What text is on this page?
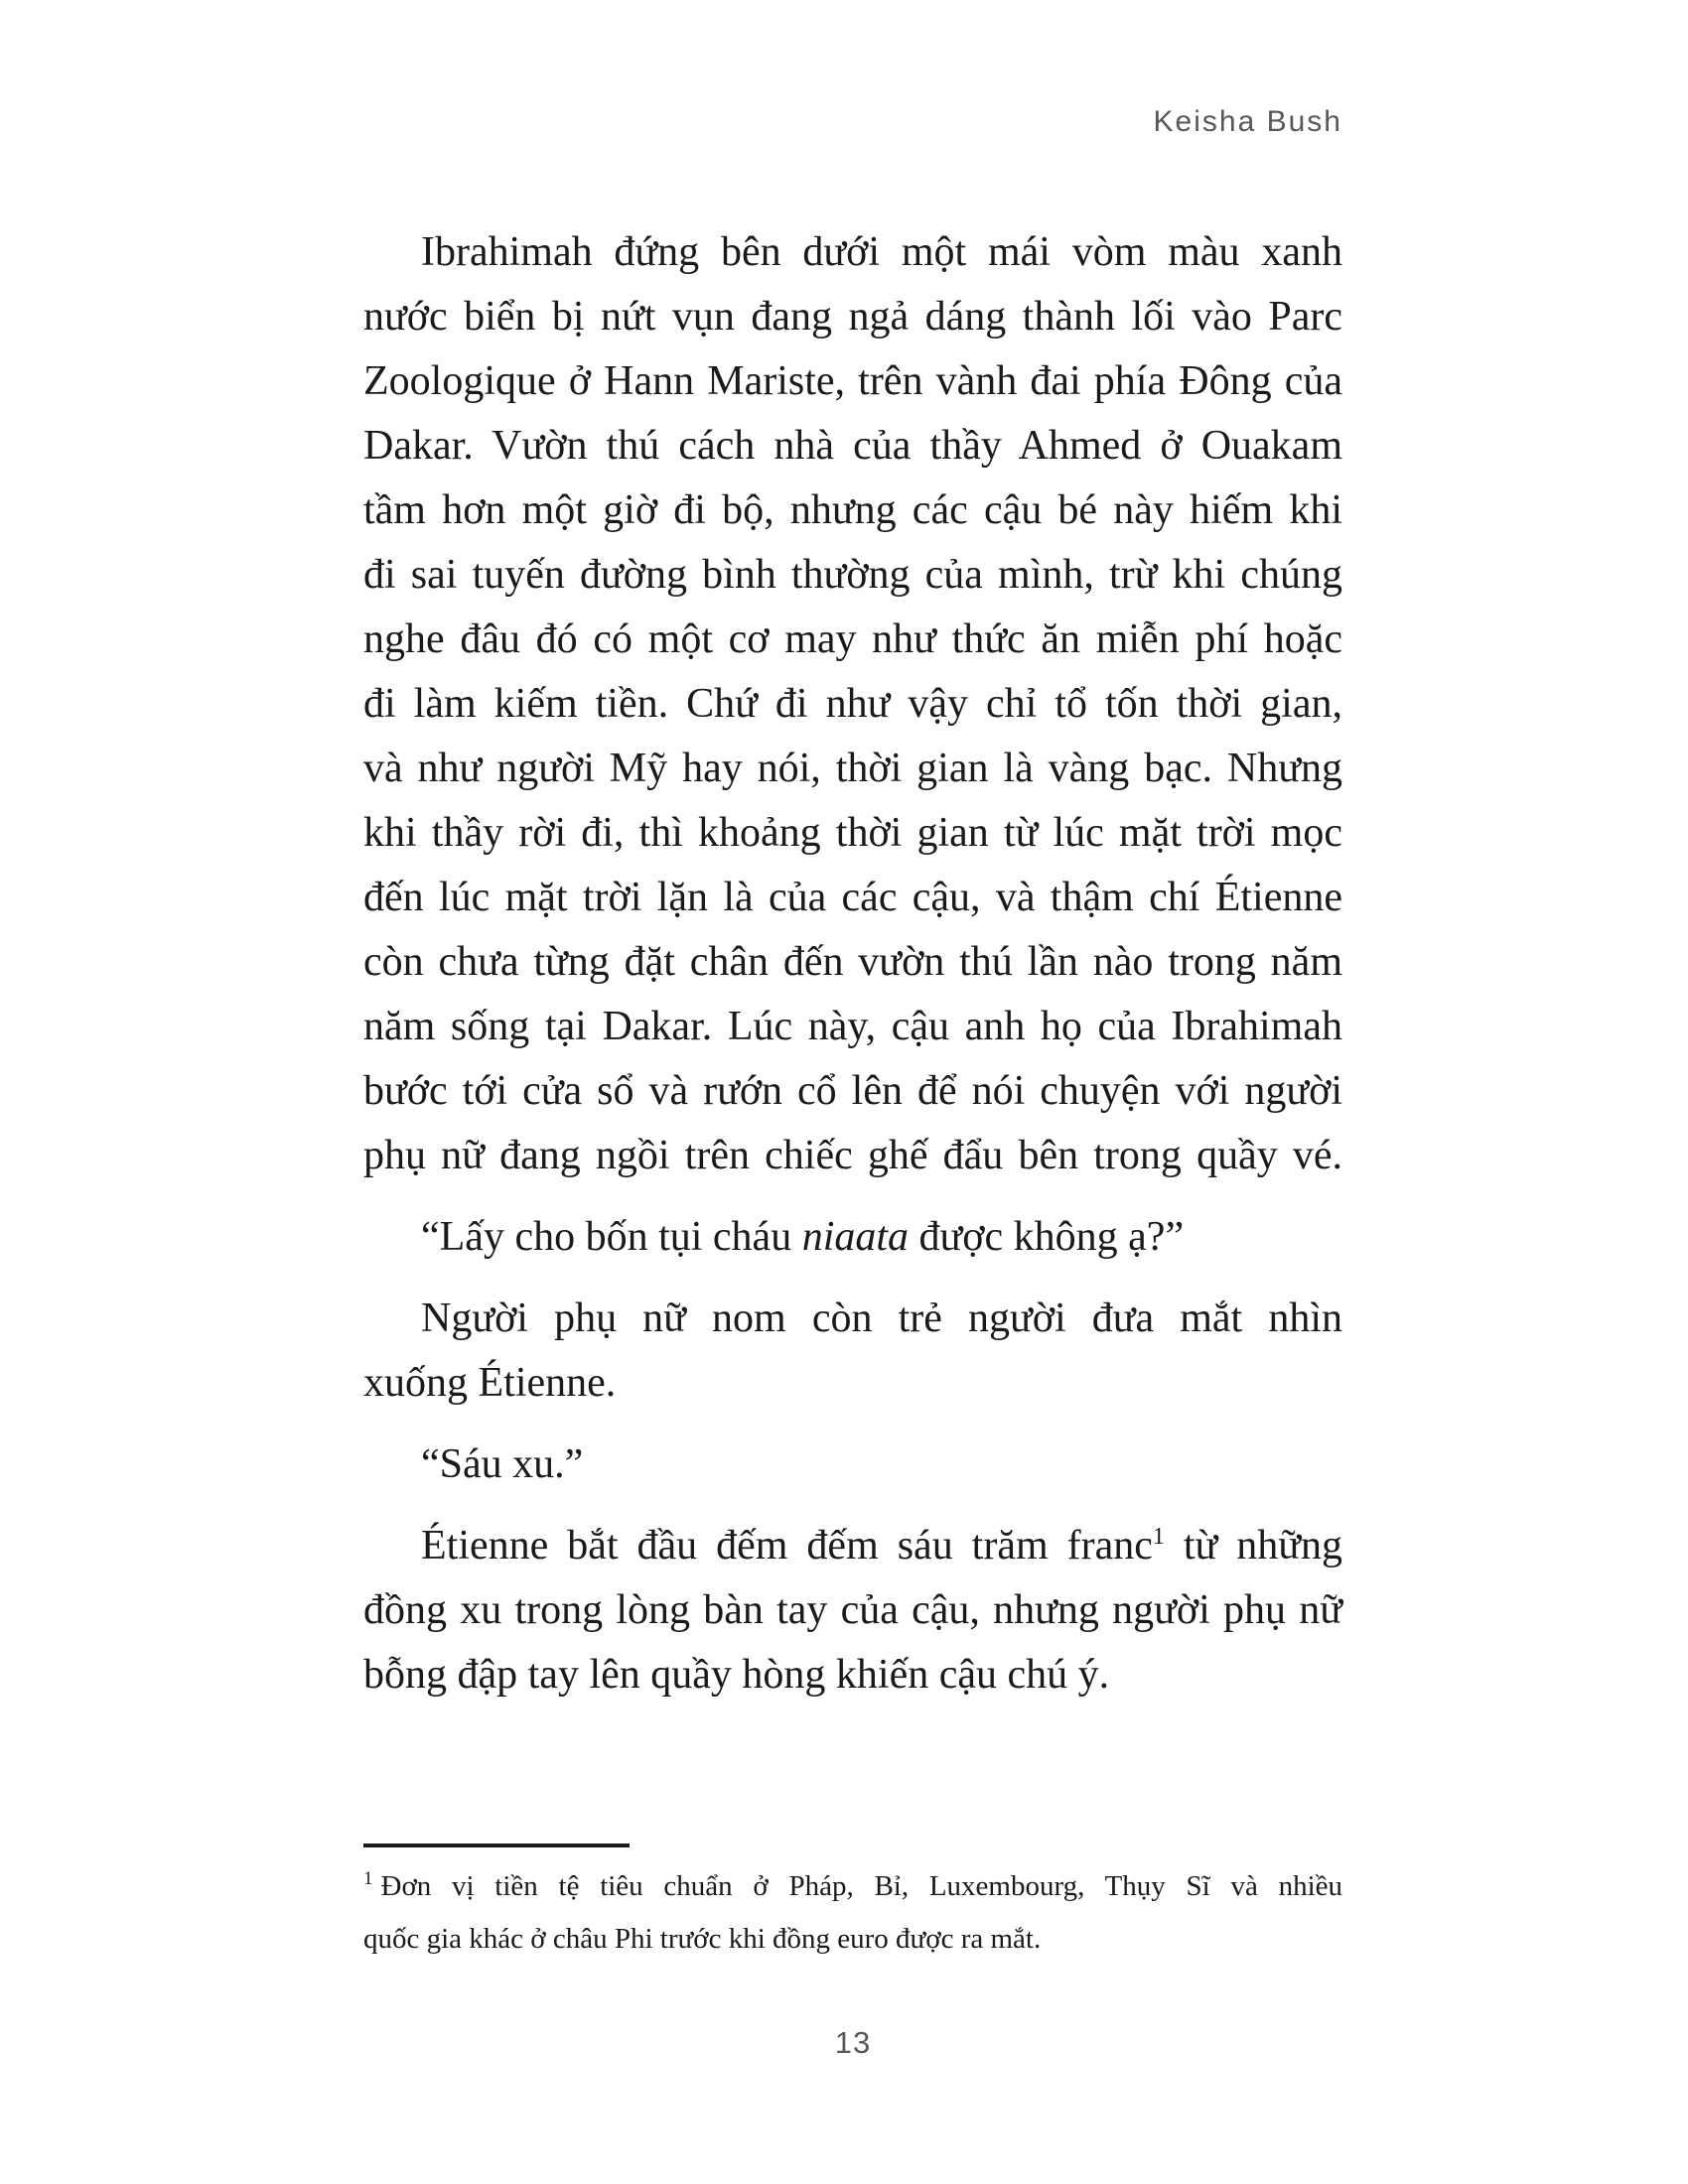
Keisha Bush
Ibrahimah đứng bên dưới một mái vòm màu xanh
nước biển bị nứt vụn đang ngả dáng thành lối vào Parc
Zoologique ở Hann Mariste, trên vành đai phía Đông của
Dakar. Vườn thú cách nhà của thầy Ahmed ở Ouakam
tầm hơn một giờ đi bộ, nhưng các cậu bé này hiếm khi
đi sai tuyến đường bình thường của mình, trừ khi chúng
nghe đâu đó có một cơ may như thức ăn miễn phí hoặc
đi làm kiếm tiền. Chứ đi như vậy chỉ tổ tốn thời gian,
và như người Mỹ hay nói, thời gian là vàng bạc. Nhưng
khi thầy rời đi, thì khoảng thời gian từ lúc mặt trời mọc
đến lúc mặt trời lặn là của các cậu, và thậm chí Étienne
còn chưa từng đặt chân đến vườn thú lần nào trong năm
năm sống tại Dakar. Lúc này, cậu anh họ của Ibrahimah
bước tới cửa sổ và rướn cổ lên để nói chuyện với người
phụ nữ đang ngồi trên chiếc ghế đẩu bên trong quầy vé.
“Lấy cho bốn tụi cháu niaata được không ạ?”
Người phụ nữ nom còn trẻ người đưa mắt nhìn
xuống Étienne.
“Sáu xu.”
Étienne bắt đầu đếm đếm sáu trăm franc$^1$ từ những
đồng xu trong lòng bàn tay của cậu, nhưng người phụ nữ
bỗng đập tay lên quầy hòng khiến cậu chú ý.
$^1$ Đơn vị tiền tệ tiêu chuẩn ở Pháp, Bỉ, Luxembourg, Thụy Sĩ và nhiều
quốc gia khác ở châu Phi trước khi đồng euro được ra mắt.
13
